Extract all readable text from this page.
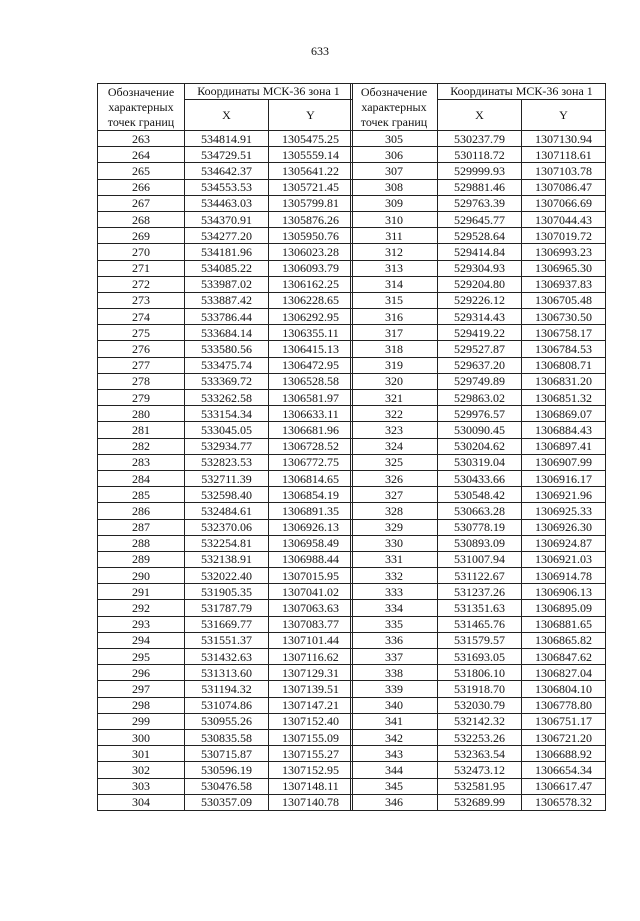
633
Обозначение характерных точек границ	Координаты МСК-36 зона 1	
	X	Y
263	534814.91	1305475.25
264	534729.51	1305559.14
265	534642.37	1305641.22
266	534553.53	1305721.45
267	534463.03	1305799.81
268	534370.91	1305876.26
269	534277.20	1305950.76
270	534181.96	1306023.28
271	534085.22	1306093.79
272	533987.02	1306162.25
273	533887.42	1306228.65
274	533786.44	1306292.95
275	533684.14	1306355.11
276	533580.56	1306415.13
277	533475.74	1306472.95
278	533369.72	1306528.58
279	533262.58	1306581.97
280	533154.34	1306633.11
281	533045.05	1306681.96
282	532934.77	1306728.52
283	532823.53	1306772.75
284	532711.39	1306814.65
285	532598.40	1306854.19
286	532484.61	1306891.35
287	532370.06	1306926.13
288	532254.81	1306958.49
289	532138.91	1306988.44
290	532022.40	1307015.95
291	531905.35	1307041.02
292	531787.79	1307063.63
293	531669.77	1307083.77
294	531551.37	1307101.44
295	531432.63	1307116.62
296	531313.60	1307129.31
297	531194.32	1307139.51
298	531074.86	1307147.21
299	530955.26	1307152.40
300	530835.58	1307155.09
301	530715.87	1307155.27
302	530596.19	1307152.95
303	530476.58	1307148.11
304	530357.09	1307140.78
Обозначение характерных точек границ	Координаты МСК-36 зона 1	
	X	Y
305	530237.79	1307130.94
306	530118.72	1307118.61
307	529999.93	1307103.78
308	529881.46	1307086.47
309	529763.39	1307066.69
310	529645.77	1307044.43
311	529528.64	1307019.72
312	529414.84	1306993.23
313	529304.93	1306965.30
314	529204.80	1306937.83
315	529226.12	1306705.48
316	529314.43	1306730.50
317	529419.22	1306758.17
318	529527.87	1306784.53
319	529637.20	1306808.71
320	529749.89	1306831.20
321	529863.02	1306851.32
322	529976.57	1306869.07
323	530090.45	1306884.43
324	530204.62	1306897.41
325	530319.04	1306907.99
326	530433.66	1306916.17
327	530548.42	1306921.96
328	530663.28	1306925.33
329	530778.19	1306926.30
330	530893.09	1306924.87
331	531007.94	1306921.03
332	531122.67	1306914.78
333	531237.26	1306906.13
334	531351.63	1306895.09
335	531465.76	1306881.65
336	531579.57	1306865.82
337	531693.05	1306847.62
338	531806.10	1306827.04
339	531918.70	1306804.10
340	532030.79	1306778.80
341	532142.32	1306751.17
342	532253.26	1306721.20
343	532363.54	1306688.92
344	532473.12	1306654.34
345	532581.95	1306617.47
346	532689.99	1306578.32
